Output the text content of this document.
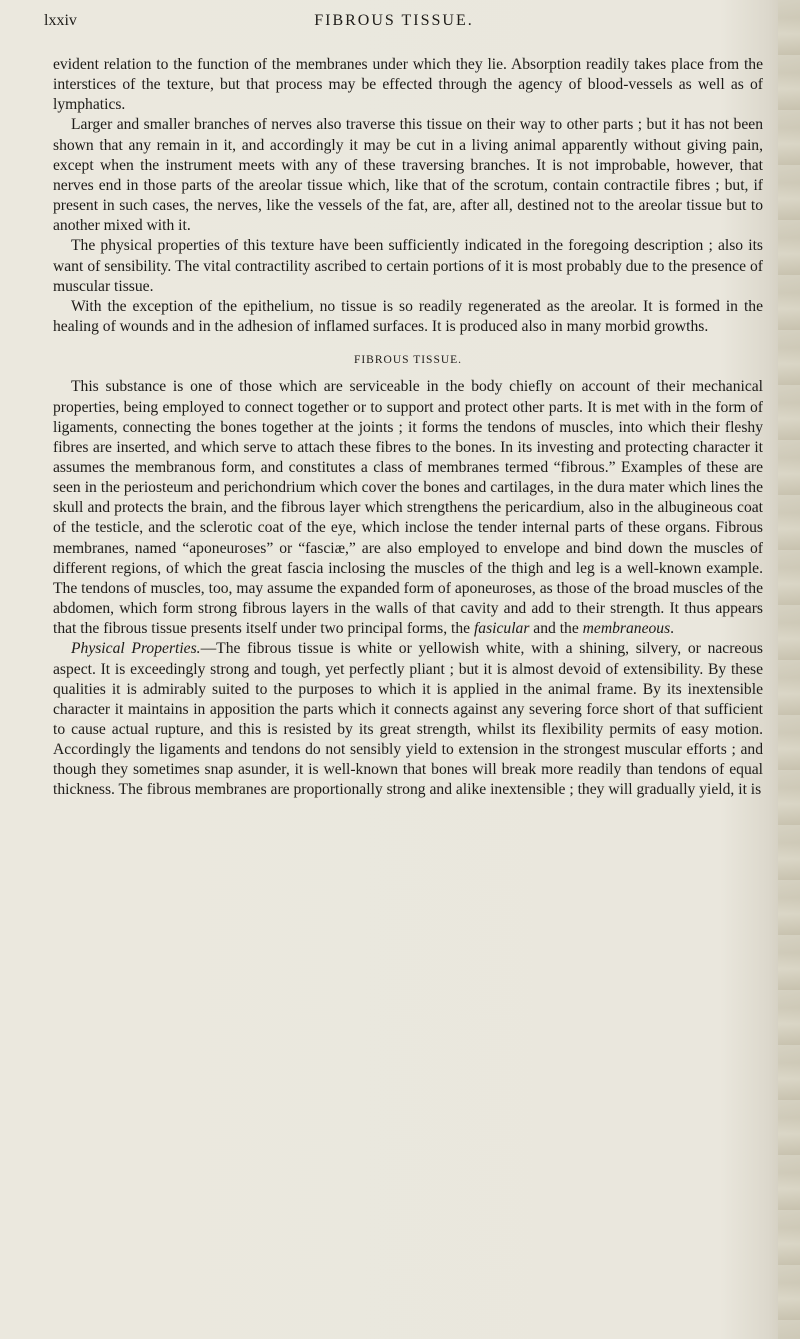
lxxiv	FIBROUS TISSUE.

evident relation to the function of the membranes under which they lie. Absorption readily takes place from the interstices of the texture, but that process may be effected through the agency of blood-vessels as well as of lymphatics.

Larger and smaller branches of nerves also traverse this tissue on their way to other parts ; but it has not been shown that any remain in it, and accordingly it may be cut in a living animal apparently without giving pain, except when the instrument meets with any of these traversing branches. It is not improbable, however, that nerves end in those parts of the areolar tissue which, like that of the scrotum, contain contractile fibres ; but, if present in such cases, the nerves, like the vessels of the fat, are, after all, destined not to the areolar tissue but to another mixed with it.

The physical properties of this texture have been sufficiently indicated in the foregoing description ; also its want of sensibility. The vital contractility ascribed to certain portions of it is most probably due to the presence of muscular tissue.

With the exception of the epithelium, no tissue is so readily regenerated as the areolar. It is formed in the healing of wounds and in the adhesion of inflamed surfaces. It is produced also in many morbid growths.

FIBROUS TISSUE.

This substance is one of those which are serviceable in the body chiefly on account of their mechanical properties, being employed to connect together or to support and protect other parts. It is met with in the form of ligaments, connecting the bones together at the joints ; it forms the tendons of muscles, into which their fleshy fibres are inserted, and which serve to attach these fibres to the bones. In its investing and protecting character it assumes the membranous form, and constitutes a class of membranes termed “fibrous.” Examples of these are seen in the periosteum and perichondrium which cover the bones and cartilages, in the dura mater which lines the skull and protects the brain, and the fibrous layer which strengthens the pericardium, also in the albugineous coat of the testicle, and the sclerotic coat of the eye, which inclose the tender internal parts of these organs. Fibrous membranes, named “aponeuroses” or “fasciæ,” are also employed to envelope and bind down the muscles of different regions, of which the great fascia inclosing the muscles of the thigh and leg is a well-known example. The tendons of muscles, too, may assume the expanded form of aponeuroses, as those of the broad muscles of the abdomen, which form strong fibrous layers in the walls of that cavity and add to their strength. It thus appears that the fibrous tissue presents itself under two principal forms, the fasicular and the membraneous.

Physical Properties.—The fibrous tissue is white or yellowish white, with a shining, silvery, or nacreous aspect. It is exceedingly strong and tough, yet perfectly pliant ; but it is almost devoid of extensibility. By these qualities it is admirably suited to the purposes to which it is applied in the animal frame. By its inextensible character it maintains in apposition the parts which it connects against any severing force short of that sufficient to cause actual rupture, and this is resisted by its great strength, whilst its flexibility permits of easy motion. Accordingly the ligaments and tendons do not sensibly yield to extension in the strongest muscular efforts ; and though they sometimes snap asunder, it is well-known that bones will break more readily than tendons of equal thickness. The fibrous membranes are proportionally strong and alike inextensible ; they will gradually yield, it is
